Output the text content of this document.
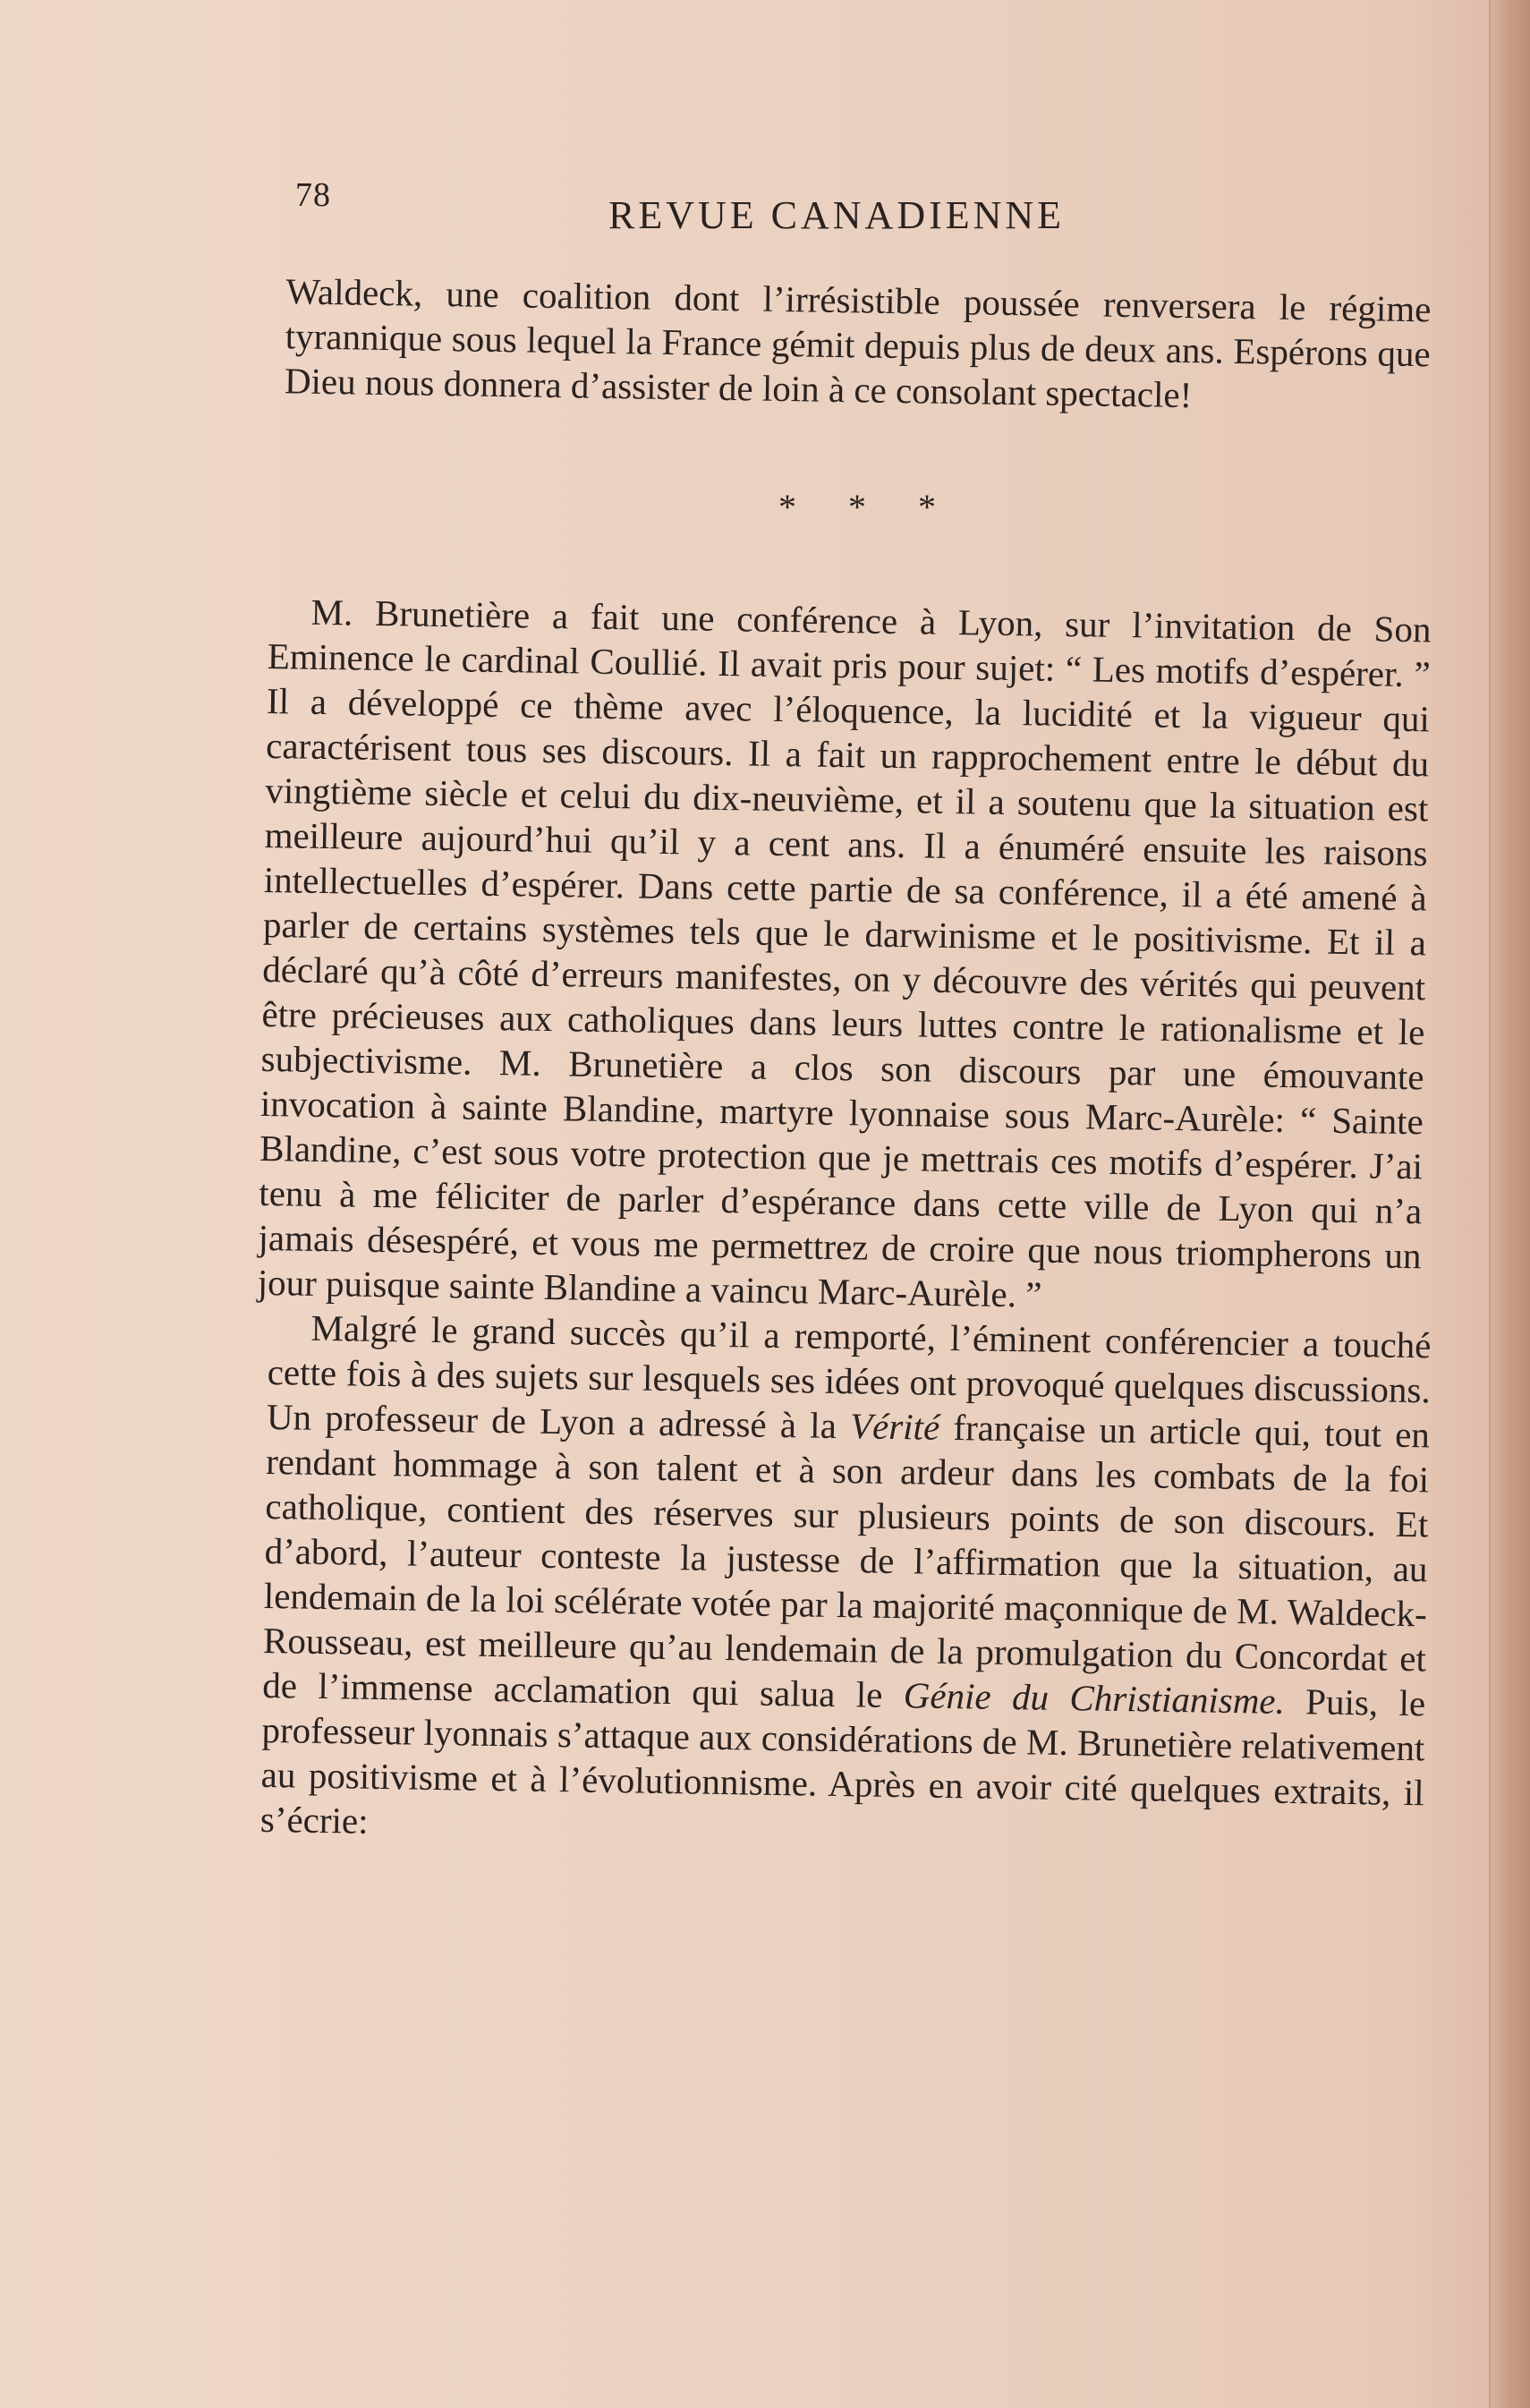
78	REVUE CANADIENNE

Waldeck, une coalition dont l’irrésistible poussée renversera le régime tyrannique sous lequel la France gémit depuis plus de deux ans. Espérons que Dieu nous donnera d’assister de loin à ce consolant spectacle!

* * *

M. Brunetière a fait une conférence à Lyon, sur l’invitation de Son Eminence le cardinal Coullié. Il avait pris pour sujet: “ Les motifs d’espérer. ” Il a développé ce thème avec l’éloquence, la lucidité et la vigueur qui caractérisent tous ses discours. Il a fait un rapprochement entre le début du vingtième siècle et celui du dix-neuvième, et il a soutenu que la situation est meilleure aujourd’hui qu’il y a cent ans. Il a énuméré ensuite les raisons intellectuelles d’espérer. Dans cette partie de sa conférence, il a été amené à parler de certains systèmes tels que le darwinisme et le positivisme. Et il a déclaré qu’à côté d’erreurs manifestes, on y découvre des vérités qui peuvent être précieuses aux catholiques dans leurs luttes contre le rationalisme et le subjectivisme. M. Brunetière a clos son discours par une émouvante invocation à sainte Blandine, martyre lyonnaise sous Marc-Aurèle: “ Sainte Blandine, c’est sous votre protection que je mettrais ces motifs d’espérer. J’ai tenu à me féliciter de parler d’espérance dans cette ville de Lyon qui n’a jamais désespéré, et vous me permettrez de croire que nous triompherons un jour puisque sainte Blandine a vaincu Marc-Aurèle. ”

Malgré le grand succès qu’il a remporté, l’éminent conférencier a touché cette fois à des sujets sur lesquels ses idées ont provoqué quelques discussions. Un professeur de Lyon a adressé à la Vérité française un article qui, tout en rendant hommage à son talent et à son ardeur dans les combats de la foi catholique, contient des réserves sur plusieurs points de son discours. Et d’abord, l’auteur conteste la justesse de l’affirmation que la situation, au lendemain de la loi scélérate votée par la majorité maçonnique de M. Waldeck-Rousseau, est meilleure qu’au lendemain de la promulgation du Concordat et de l’immense acclamation qui salua le Génie du Christianisme. Puis, le professeur lyonnais s’attaque aux considérations de M. Brunetière relativement au positivisme et à l’évolutionnisme. Après en avoir cité quelques extraits, il s’écrie:
